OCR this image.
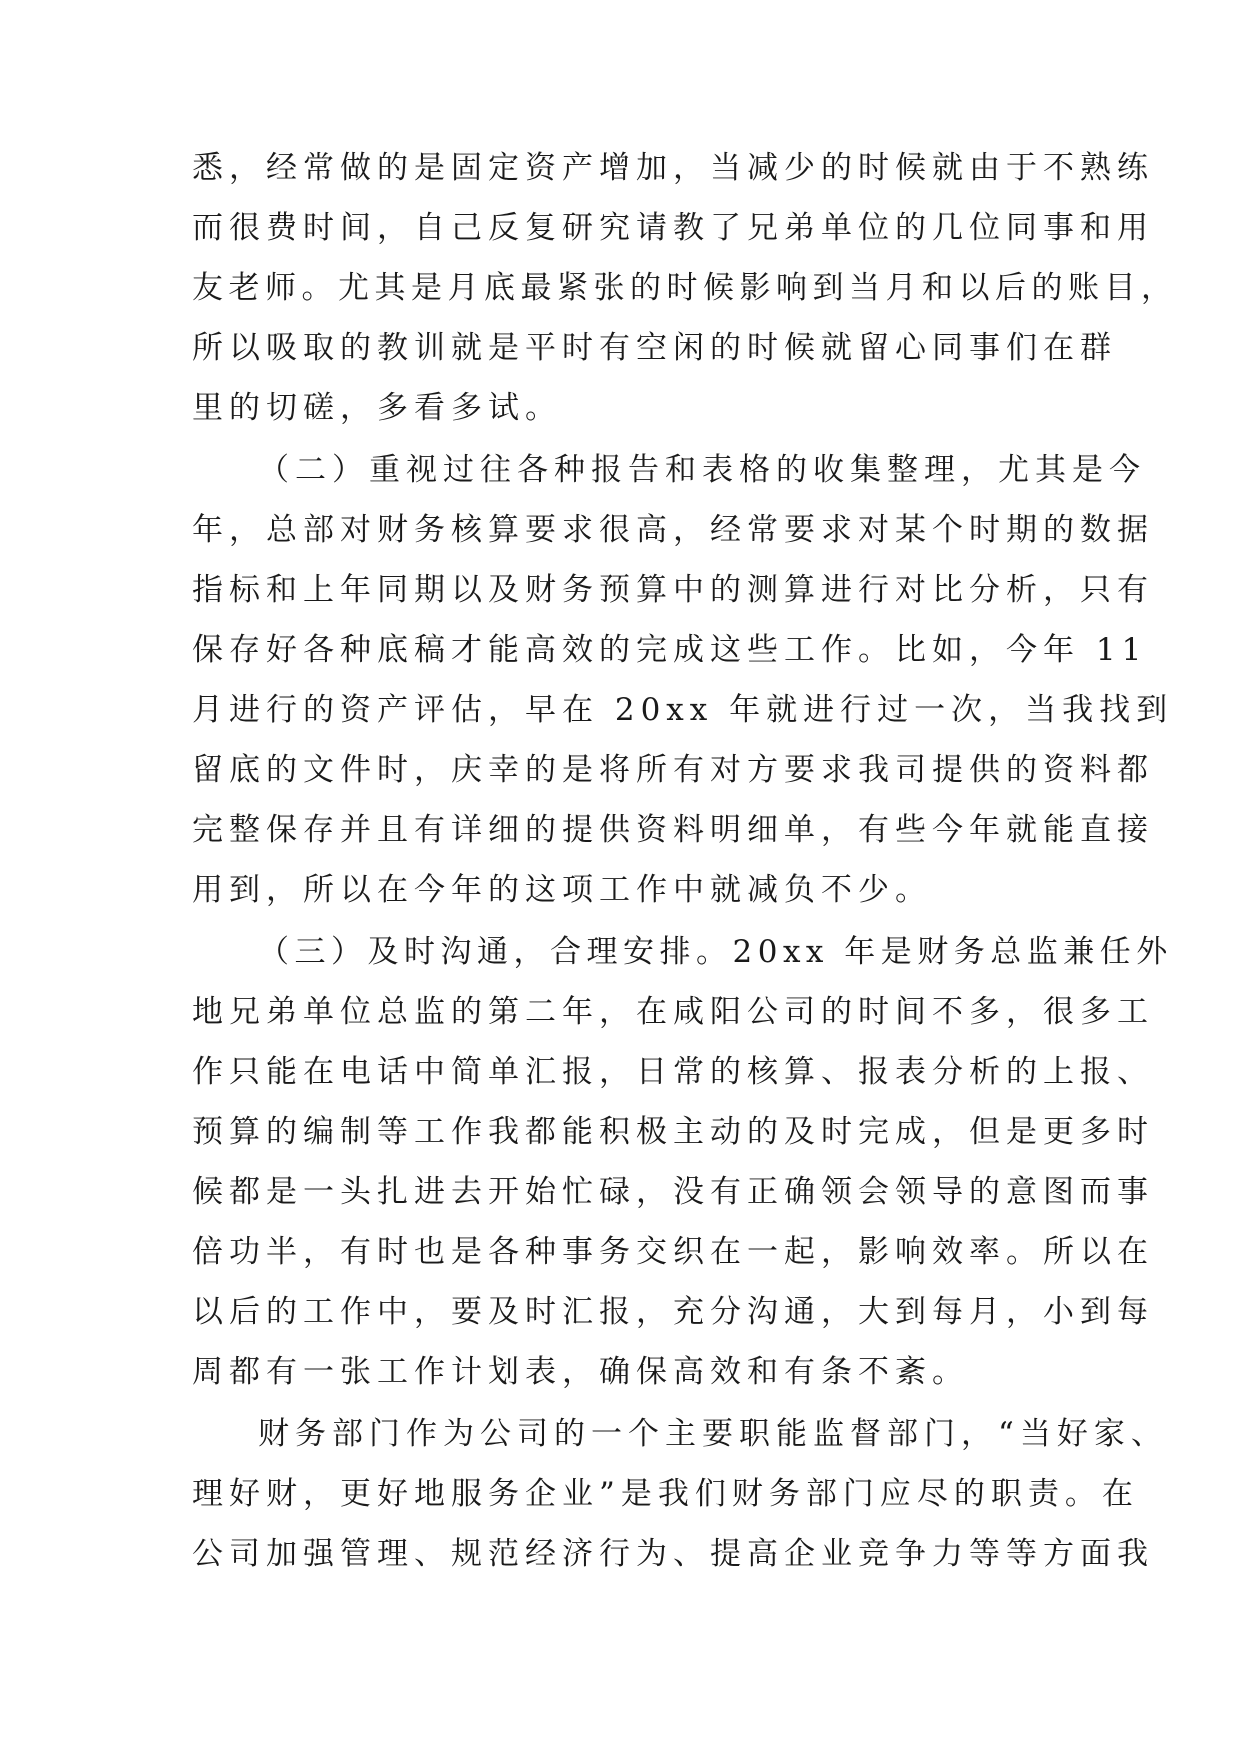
悉，经常做的是固定资产增加，当减少的时候就由于不熟练
而很费时间，自己反复研究请教了兄弟单位的几位同事和用
友老师。尤其是月底最紧张的时候影响到当月和以后的账目，
所以吸取的教训就是平时有空闲的时候就留心同事们在群
里的切磋，多看多试。
（二）重视过往各种报告和表格的收集整理，尤其是今
年，总部对财务核算要求很高，经常要求对某个时期的数据
指标和上年同期以及财务预算中的测算进行对比分析，只有
保存好各种底稿才能高效的完成这些工作。比如，今年 11
月进行的资产评估，早在 20xx 年就进行过一次，当我找到
留底的文件时，庆幸的是将所有对方要求我司提供的资料都
完整保存并且有详细的提供资料明细单，有些今年就能直接
用到，所以在今年的这项工作中就减负不少。
（三）及时沟通，合理安排。20xx 年是财务总监兼任外
地兄弟单位总监的第二年，在咸阳公司的时间不多，很多工
作只能在电话中简单汇报，日常的核算、报表分析的上报、
预算的编制等工作我都能积极主动的及时完成，但是更多时
候都是一头扎进去开始忙碌，没有正确领会领导的意图而事
倍功半，有时也是各种事务交织在一起，影响效率。所以在
以后的工作中，要及时汇报，充分沟通，大到每月，小到每
周都有一张工作计划表，确保高效和有条不紊。
财务部门作为公司的一个主要职能监督部门，“当好家、
理好财，更好地服务企业”是我们财务部门应尽的职责。在
公司加强管理、规范经济行为、提高企业竞争力等等方面我
